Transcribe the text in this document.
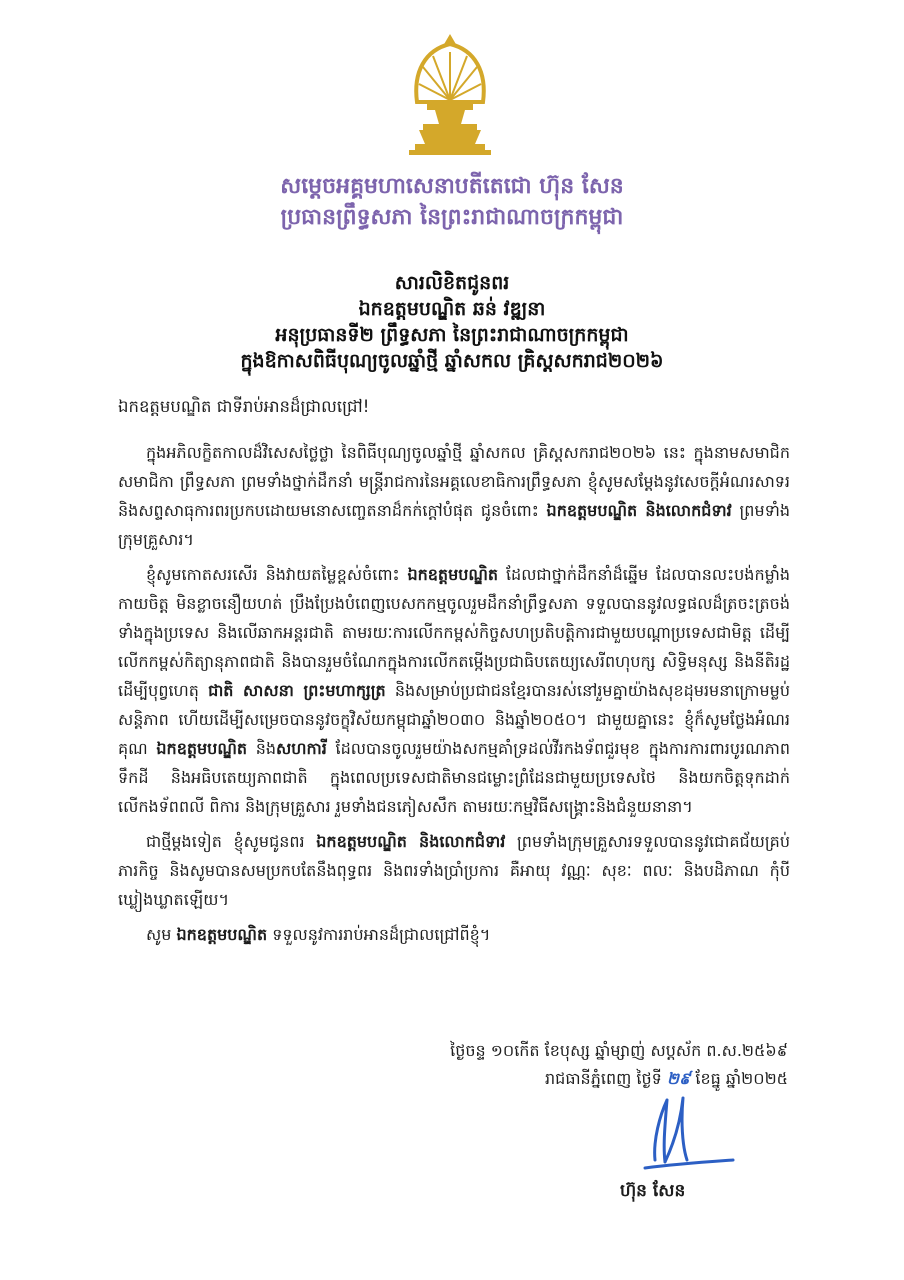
សម្តេចអគ្គមហាសេនាបតីតេជោ ហ៊ុន សែន
ប្រធានព្រឹទ្ធសភា នៃព្រះរាជាណាចក្រកម្ពុជា
សារលិខិតជូនពរ
ឯកឧត្តមបណ្ឌិត ឆន់ វឌ្ឍនា
អនុប្រធានទី២ ព្រឹទ្ធសភា នៃព្រះរាជាណាចក្រកម្ពុជា
ក្នុងឱកាសពិធីបុណ្យចូលឆ្នាំថ្មី ឆ្នាំសកល គ្រិស្តសករាជ២០២៦
ឯកឧត្តមបណ្ឌិត ជាទីរាប់អានដ៏ជ្រាលជ្រៅ!

ក្នុងអភិលក្ខិតកាលដ៏វិសេសថ្លៃថ្លា នៃពិធីបុណ្យចូលឆ្នាំថ្មី ឆ្នាំសកល គ្រិស្តសករាជ២០២៦ នេះ ក្នុងនាមសមាជិក សមាជិកា ព្រឹទ្ធសភា ព្រមទាំងថ្នាក់ដឹកនាំ មន្ត្រីរាជការនៃអគ្គលេខាធិការព្រឹទ្ធសភា ខ្ញុំសូមសម្តែងនូវសេចក្តីអំណរសាទរ និងសព្ទសាធុការពរប្រកបដោយមនោសញ្ចេតនាដ៏កក់ក្តៅបំផុត ជូនចំពោះ ឯកឧត្តមបណ្ឌិត និងលោកជំទាវ ព្រមទាំងក្រុមគ្រួសារ។

ខ្ញុំសូមកោតសរសើរ និងវាយតម្លៃខ្ពស់ចំពោះ ឯកឧត្តមបណ្ឌិត ដែលជាថ្នាក់ដឹកនាំដ៏ឆ្នើម ដែលបានលះបង់កម្លាំងកាយចិត្ត មិនខ្លាចនឿយហត់ ប្រឹងប្រែងបំពេញបេសកកម្មចូលរួមដឹកនាំព្រឹទ្ធសភា ទទួលបាននូវលទ្ធផលដ៏ត្រចះត្រចង់ទាំងក្នុងប្រទេស និងលើឆាកអន្តរជាតិ តាមរយៈការលើកកម្ពស់កិច្ចសហប្រតិបត្តិការជាមួយបណ្តាប្រទេសជាមិត្ត ដើម្បីលើកកម្ពស់កិត្យានុភាពជាតិ និងបានរួមចំណែកក្នុងការលើកតម្កើងប្រជាធិបតេយ្យសេរីពហុបក្ស សិទ្ធិមនុស្ស និងនីតិរដ្ឋ ដើម្បីបុព្វហេតុ ជាតិ សាសនា ព្រះមហាក្សត្រ និងសម្រាប់ប្រជាជនខ្មែរបានរស់នៅរួមគ្នាយ៉ាងសុខដុមរមនាក្រោមម្លប់សន្តិភាព ហើយដើម្បីសម្រេចបាននូវចក្ខុវិស័យកម្ពុជាឆ្នាំ២០៣០ និងឆ្នាំ២០៥០។ ជាមួយគ្នានេះ ខ្ញុំក៏សូមថ្លែងអំណរគុណ ឯកឧត្តមបណ្ឌិត និងសហការី ដែលបានចូលរួមយ៉ាងសកម្មគាំទ្រដល់វីរកងទ័ពជួរមុខ ក្នុងការការពារបូរណភាពទឹកដី និងអធិបតេយ្យភាពជាតិ ក្នុងពេលប្រទេសជាតិមានជម្លោះព្រំដែនជាមួយប្រទេសថៃ និងយកចិត្តទុកដាក់លើកងទ័ពពលី ពិការ និងក្រុមគ្រួសារ រួមទាំងជនភៀសសឹក តាមរយៈកម្មវិធីសង្គ្រោះនិងជំនួយនានា។

ជាថ្មីម្តងទៀត ខ្ញុំសូមជូនពរ ឯកឧត្តមបណ្ឌិត និងលោកជំទាវ ព្រមទាំងក្រុមគ្រួសារទទួលបាននូវជោគជ័យគ្រប់ភារកិច្ច និងសូមបានសមប្រកបតែនឹងពុទ្ធពរ និងពរទាំងប្រាំប្រការ គឺអាយុ វណ្ណៈ សុខៈ ពលៈ និងបដិភាណ កុំបីឃ្លៀងឃ្លាតឡើយ។

សូម ឯកឧត្តមបណ្ឌិត ទទួលនូវការរាប់អានដ៏ជ្រាលជ្រៅពីខ្ញុំ។

ថ្ងៃចន្ទ ១០កើត ខែបុស្ស ឆ្នាំម្សាញ់ សប្តស័ក ព.ស.២៥៦៩
រាជធានីភ្នំពេញ ថ្ងៃទី ២៩ ខែធ្នូ ឆ្នាំ២០២៥
ហ៊ុន សែន
